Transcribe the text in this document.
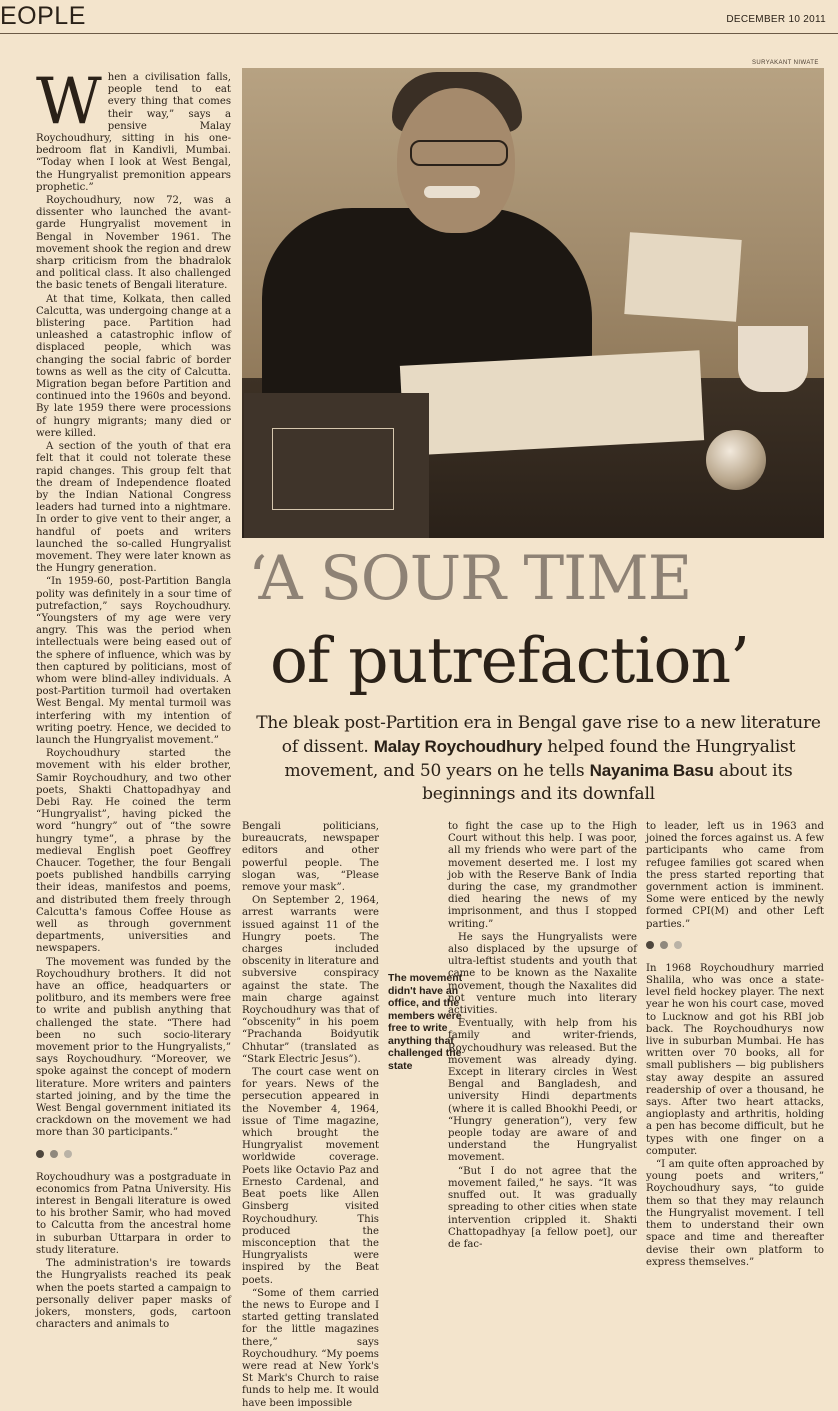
EOPLE	DECEMBER 10 2011

When a civilisation falls, people tend to eat every thing that comes their way,” says a pensive Malay Roychoudhury, sitting in his one-bedroom flat in Kandivli, Mumbai. “Today when I look at West Bengal, the Hungryalist premonition appears prophetic.”

Roychoudhury, now 72, was a dissenter who launched the avant-garde Hungryalist movement in Bengal in November 1961. The movement shook the region and drew sharp criticism from the bhadralok and political class. It also challenged the basic tenets of Bengali literature.

At that time, Kolkata, then called Calcutta, was undergoing change at a blistering pace. Partition had unleashed a catastrophic inflow of displaced people, which was changing the social fabric of border towns as well as the city of Calcutta. Migration began before Partition and continued into the 1960s and beyond. By late 1959 there were processions of hungry migrants; many died or were killed.

A section of the youth of that era felt that it could not tolerate these rapid changes. This group felt that the dream of Independence floated by the Indian National Congress leaders had turned into a nightmare. In order to give vent to their anger, a handful of poets and writers launched the so-called Hungryalist movement. They were later known as the Hungry generation.

“In 1959-60, post-Partition Bangla polity was definitely in a sour time of putrefaction,” says Roychoudhury. “Youngsters of my age were very angry. This was the period when intellectuals were being eased out of the sphere of influence, which was by then captured by politicians, most of whom were blind-alley individuals. A post-Partition turmoil had overtaken West Bengal. My mental turmoil was interfering with my intention of writing poetry. Hence, we decided to launch the Hungryalist movement.”

Roychoudhury started the movement with his elder brother, Samir Roychoudhury, and two other poets, Shakti Chattopadhyay and Debi Ray. He coined the term “Hungryalist”, having picked the word “hungry” out of “the sowre hungry tyme”, a phrase by the medieval English poet Geoffrey Chaucer. Together, the four Bengali poets published handbills carrying their ideas, manifestos and poems, and distributed them freely through Calcutta's famous Coffee House as well as through government departments, universities and newspapers.

The movement was funded by the Roychoudhury brothers. It did not have an office, headquarters or politburo, and its members were free to write and publish anything that challenged the state. “There had been no such socio-literary movement prior to the Hungryalists,” says Roychoudhury. “Moreover, we spoke against the concept of modern literature. More writers and painters started joining, and by the time the West Bengal government initiated its crackdown on the movement we had more than 30 participants.”

Roychoudhury was a postgraduate in economics from Patna University. His interest in Bengali literature is owed to his brother Samir, who had moved to Calcutta from the ancestral home in suburban Uttarpara in order to study literature.

The administration's ire towards the Hungryalists reached its peak when the poets started a campaign to personally deliver paper masks of jokers, monsters, gods, cartoon characters and animals to

SURYAKANT NIWATE
‘A SOUR TIME
of putrefaction’
The bleak post-Partition era in Bengal gave rise to a new literature of dissent. Malay Roychoudhury helped found the Hungryalist movement, and 50 years on he tells Nayanima Basu about its beginnings and its downfall

Bengali politicians, bureaucrats, newspaper editors and other powerful people. The slogan was, “Please remove your mask”.

On September 2, 1964, arrest warrants were issued against 11 of the Hungry poets. The charges included obscenity in literature and subversive conspiracy against the state. The main charge against Roychoudhury was that of “obscenity” in his poem “Prachanda Boidyutik Chhutar” (translated as “Stark Electric Jesus”).

The court case went on for years. News of the persecution appeared in the November 4, 1964, issue of Time magazine, which brought the Hungryalist movement worldwide coverage. Poets like Octavio Paz and Ernesto Cardenal, and Beat poets like Allen Ginsberg visited Roychoudhury. This produced the misconception that the Hungryalists were inspired by the Beat poets.

“Some of them carried the news to Europe and I started getting translated for the little magazines there,” says Roychoudhury. “My poems were read at New York's St Mark's Church to raise funds to help me. It would have been impossible

The movement didn't have an office, and the members were free to write anything that challenged the state

to fight the case up to the High Court without this help. I was poor, all my friends who were part of the movement deserted me. I lost my job with the Reserve Bank of India during the case, my grandmother died hearing the news of my imprisonment, and thus I stopped writing.”

He says the Hungryalists were also displaced by the upsurge of ultra-leftist students and youth that came to be known as the Naxalite movement, though the Naxalites did not venture much into literary activities.

Eventually, with help from his family and writer-friends, Roychoudhury was released. But the movement was already dying. Except in literary circles in West Bengal and Bangladesh, and university Hindi departments (where it is called Bhookhi Peedi, or “Hungry generation”), very few people today are aware of and understand the Hungryalist movement.

“But I do not agree that the movement failed,” he says. “It was snuffed out. It was gradually spreading to other cities when state intervention crippled it. Shakti Chattopadhyay [a fellow poet], our de fac-

to leader, left us in 1963 and joined the forces against us. A few participants who came from refugee families got scared when the press started reporting that government action is imminent. Some were enticed by the newly formed CPI(M) and other Left parties.”

In 1968 Roychoudhury married Shalila, who was once a state-level field hockey player. The next year he won his court case, moved to Lucknow and got his RBI job back. The Roychoudhurys now live in suburban Mumbai. He has written over 70 books, all for small publishers — big publishers stay away despite an assured readership of over a thousand, he says. After two heart attacks, angioplasty and arthritis, holding a pen has become difficult, but he types with one finger on a computer.

“I am quite often approached by young poets and writers,” Roychoudhury says, “to guide them so that they may relaunch the Hungryalist movement. I tell them to understand their own space and time and thereafter devise their own platform to express themselves.”
